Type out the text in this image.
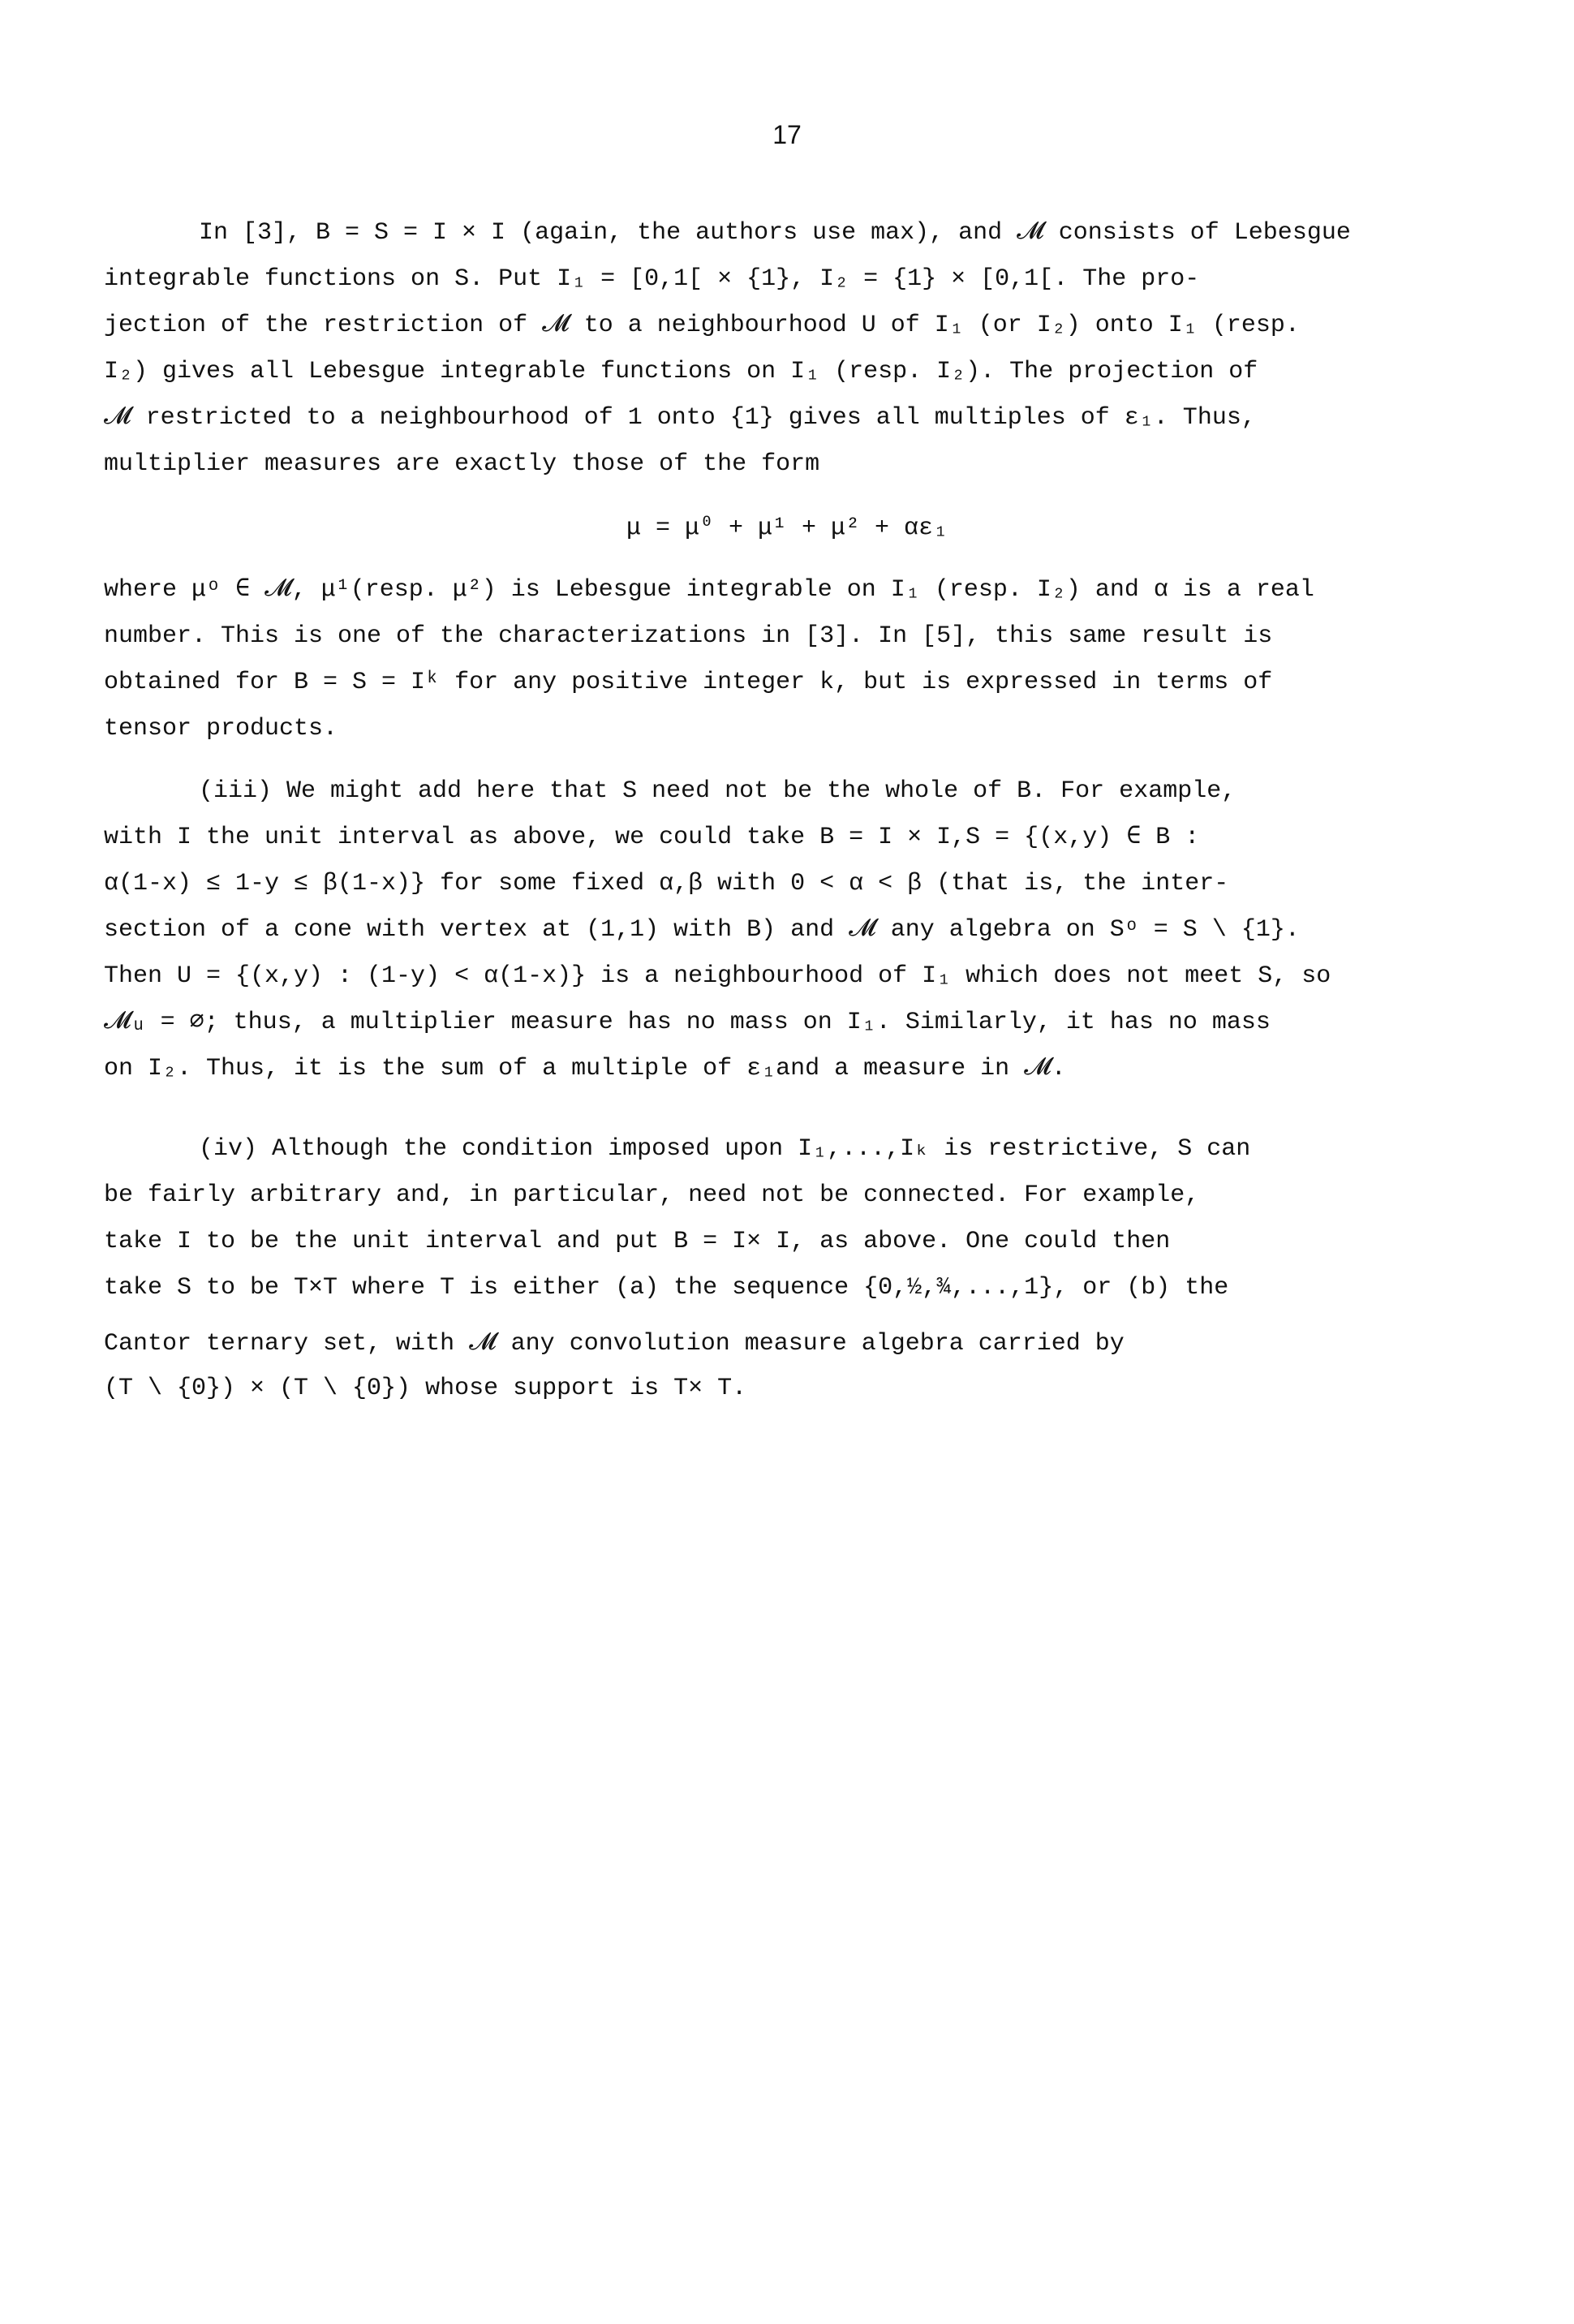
17
In [3], B = S = I × I (again, the authors use max), and 𝓜 consists of Lebesgue
integrable functions on S. Put I₁ = [0,1[ × {1}, I₂ = {1} × [0,1[. The pro-
jection of the restriction of 𝓜 to a neighbourhood U of I₁ (or I₂) onto I₁ (resp.
I₂) gives all Lebesgue integrable functions on I₁ (resp. I₂). The projection of
𝓜 restricted to a neighbourhood of 1 onto {1} gives all multiples of ε₁. Thus,
multiplier measures are exactly those of the form
μ = μ⁰ + μ¹ + μ² + αε₁
where μᵒ ∈ 𝓜, μ¹(resp. μ²) is Lebesgue integrable on I₁ (resp. I₂) and α is a real
number. This is one of the characterizations in [3]. In [5], this same result is
obtained for B = S = Iᵏ for any positive integer k, but is expressed in terms of
tensor products.
(iii) We might add here that S need not be the whole of B. For example,
with I the unit interval as above, we could take B = I × I,S = {(x,y) ∈ B :
α(1-x) ≤ 1-y ≤ β(1-x)} for some fixed α,β with 0 < α < β (that is, the inter-
section of a cone with vertex at (1,1) with B) and 𝓜 any algebra on Sᵒ = S \ {1}.
Then U = {(x,y) : (1-y) < α(1-x)} is a neighbourhood of I₁ which does not meet S, so
𝓜ᵤ = ∅; thus, a multiplier measure has no mass on I₁. Similarly, it has no mass
on I₂. Thus, it is the sum of a multiple of ε₁and a measure in 𝓜.
(iv) Although the condition imposed upon I₁,...,Iₖ is restrictive, S can
be fairly arbitrary and, in particular, need not be connected. For example,
take I to be the unit interval and put B = I× I, as above. One could then
take S to be T×T where T is either (a) the sequence {0,½,¾,...,1}, or (b) the
Cantor ternary set, with 𝓜 any convolution measure algebra carried by
(T \ {0}) × (T \ {0}) whose support is T× T.
